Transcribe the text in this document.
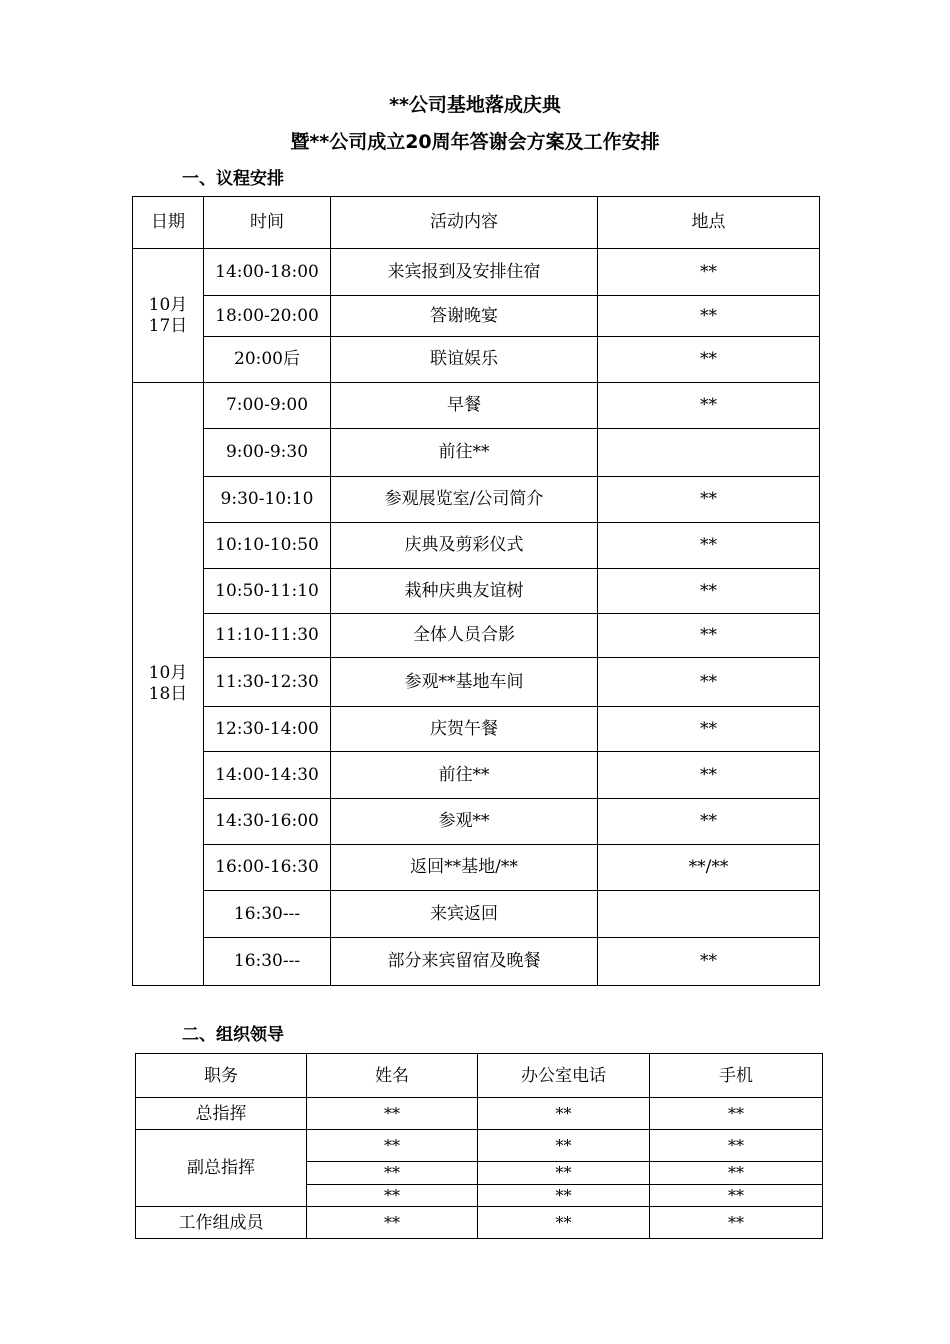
**公司基地落成庆典
暨**公司成立20周年答谢会方案及工作安排
一、议程安排
日期	时间	活动内容	地点
10月17日	14:00-18:00	来宾报到及安排住宿	**
	18:00-20:00	答谢晚宴	**
	20:00后	联谊娱乐	**
10月18日	7:00-9:00	早餐	**
	9:00-9:30	前往**	
	9:30-10:10	参观展览室/公司简介	**
	10:10-10:50	庆典及剪彩仪式	**
	10:50-11:10	栽种庆典友谊树	**
	11:10-11:30	全体人员合影	**
	11:30-12:30	参观**基地车间	**
	12:30-14:00	庆贺午餐	**
	14:00-14:30	前往**	**
	14:30-16:00	参观**	**
	16:00-16:30	返回**基地/**	**/**
	16:30---	来宾返回	
	16:30---	部分来宾留宿及晚餐	**
二、组织领导
职务	姓名	办公室电话	手机
总指挥	**	**	**
副总指挥	**	**	**
	**	**	**
	**	**	**
工作组成员	**	**	**
